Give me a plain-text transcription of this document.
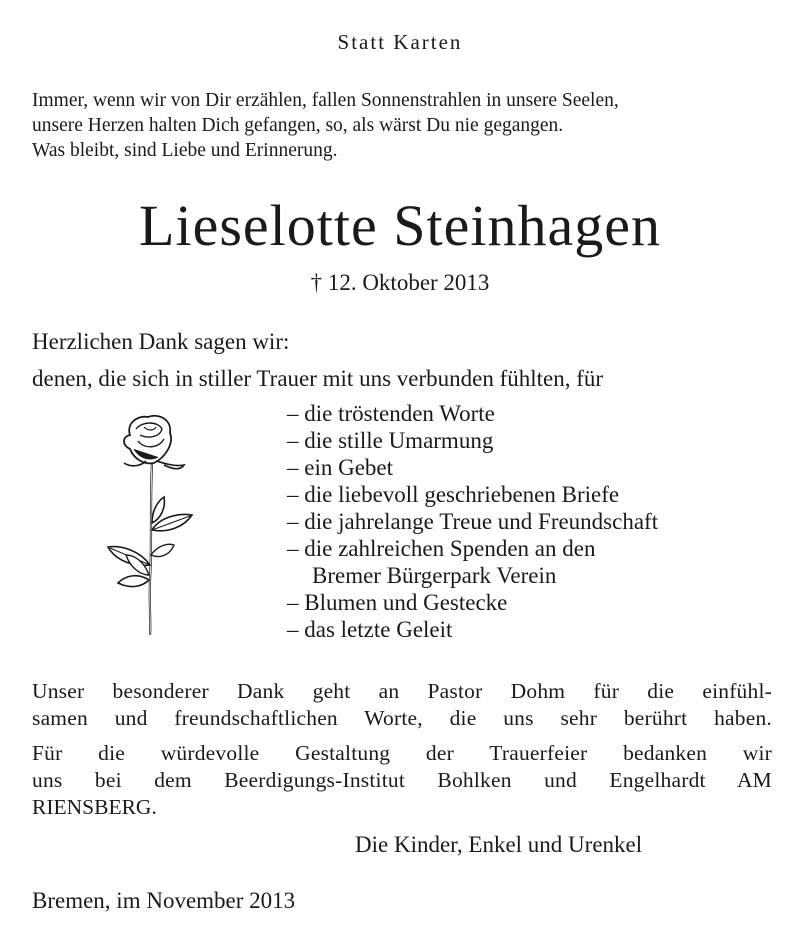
Statt Karten
Immer, wenn wir von Dir erzählen, fallen Sonnenstrahlen in unsere Seelen,
unsere Herzen halten Dich gefangen, so, als wärst Du nie gegangen.
Was bleibt, sind Liebe und Erinnerung.
Lieselotte Steinhagen
† 12. Oktober 2013
Herzlichen Dank sagen wir:
denen, die sich in stiller Trauer mit uns verbunden fühlten, für
– die tröstenden Worte
– die stille Umarmung
– ein Gebet
– die liebevoll geschriebenen Briefe
– die jahrelange Treue und Freundschaft
– die zahlreichen Spenden an den
Bremer Bürgerpark Verein
– Blumen und Gestecke
– das letzte Geleit
Unser besonderer Dank geht an Pastor Dohm für die einfühl-
samen und freundschaftlichen Worte, die uns sehr berührt haben.
Für die würdevolle Gestaltung der Trauerfeier bedanken wir
uns bei dem Beerdigungs-Institut Bohlken und Engelhardt AM
RIENSBERG.
Die Kinder, Enkel und Urenkel
Bremen, im November 2013
